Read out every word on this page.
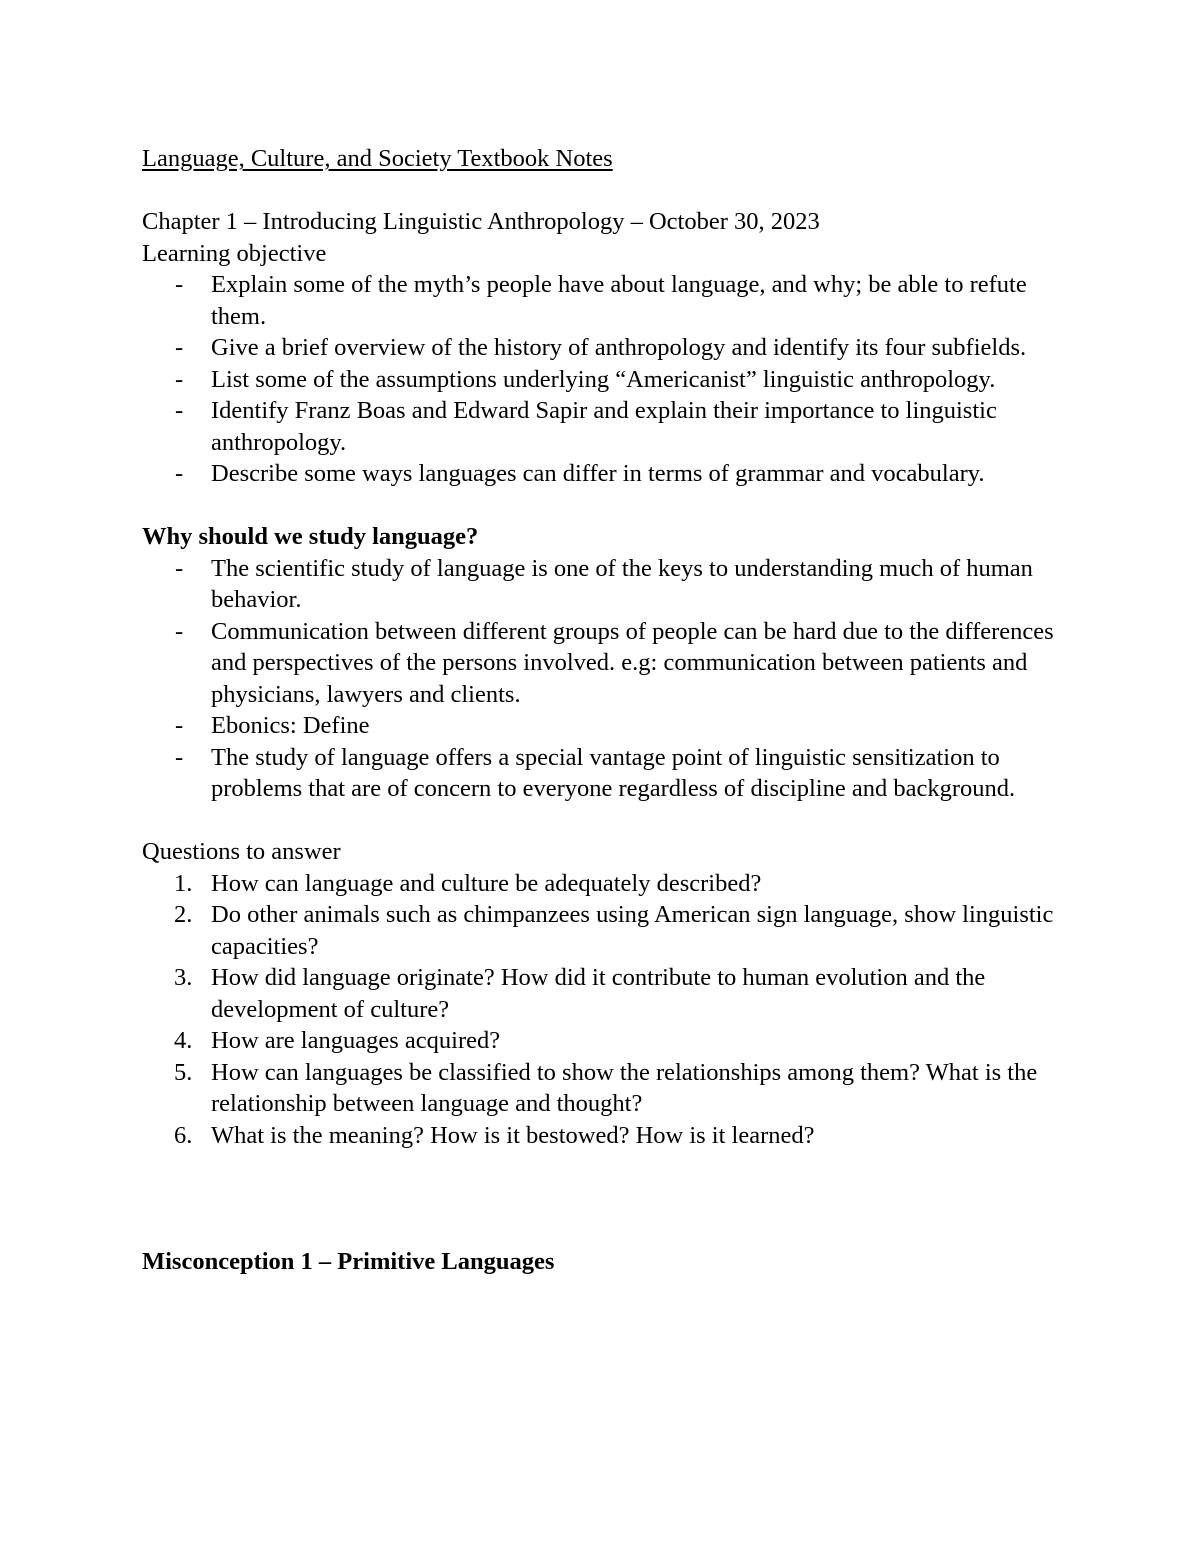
Language, Culture, and Society Textbook Notes

Chapter 1 – Introducing Linguistic Anthropology – October 30, 2023

Learning objective

- Explain some of the myth’s people have about language, and why; be able to refute them.
- Give a brief overview of the history of anthropology and identify its four subfields.
- List some of the assumptions underlying “Americanist” linguistic anthropology.
- Identify Franz Boas and Edward Sapir and explain their importance to linguistic anthropology.
- Describe some ways languages can differ in terms of grammar and vocabulary.

Why should we study language?

- The scientific study of language is one of the keys to understanding much of human behavior.
- Communication between different groups of people can be hard due to the differences and perspectives of the persons involved. e.g: communication between patients and physicians, lawyers and clients.
- Ebonics: Define
- The study of language offers a special vantage point of linguistic sensitization to problems that are of concern to everyone regardless of discipline and background.

Questions to answer

1. How can language and culture be adequately described?
2. Do other animals such as chimpanzees using American sign language, show linguistic capacities?
3. How did language originate? How did it contribute to human evolution and the development of culture?
4. How are languages acquired?
5. How can languages be classified to show the relationships among them? What is the relationship between language and thought?
6. What is the meaning? How is it bestowed? How is it learned?

Misconception 1 – Primitive Languages
